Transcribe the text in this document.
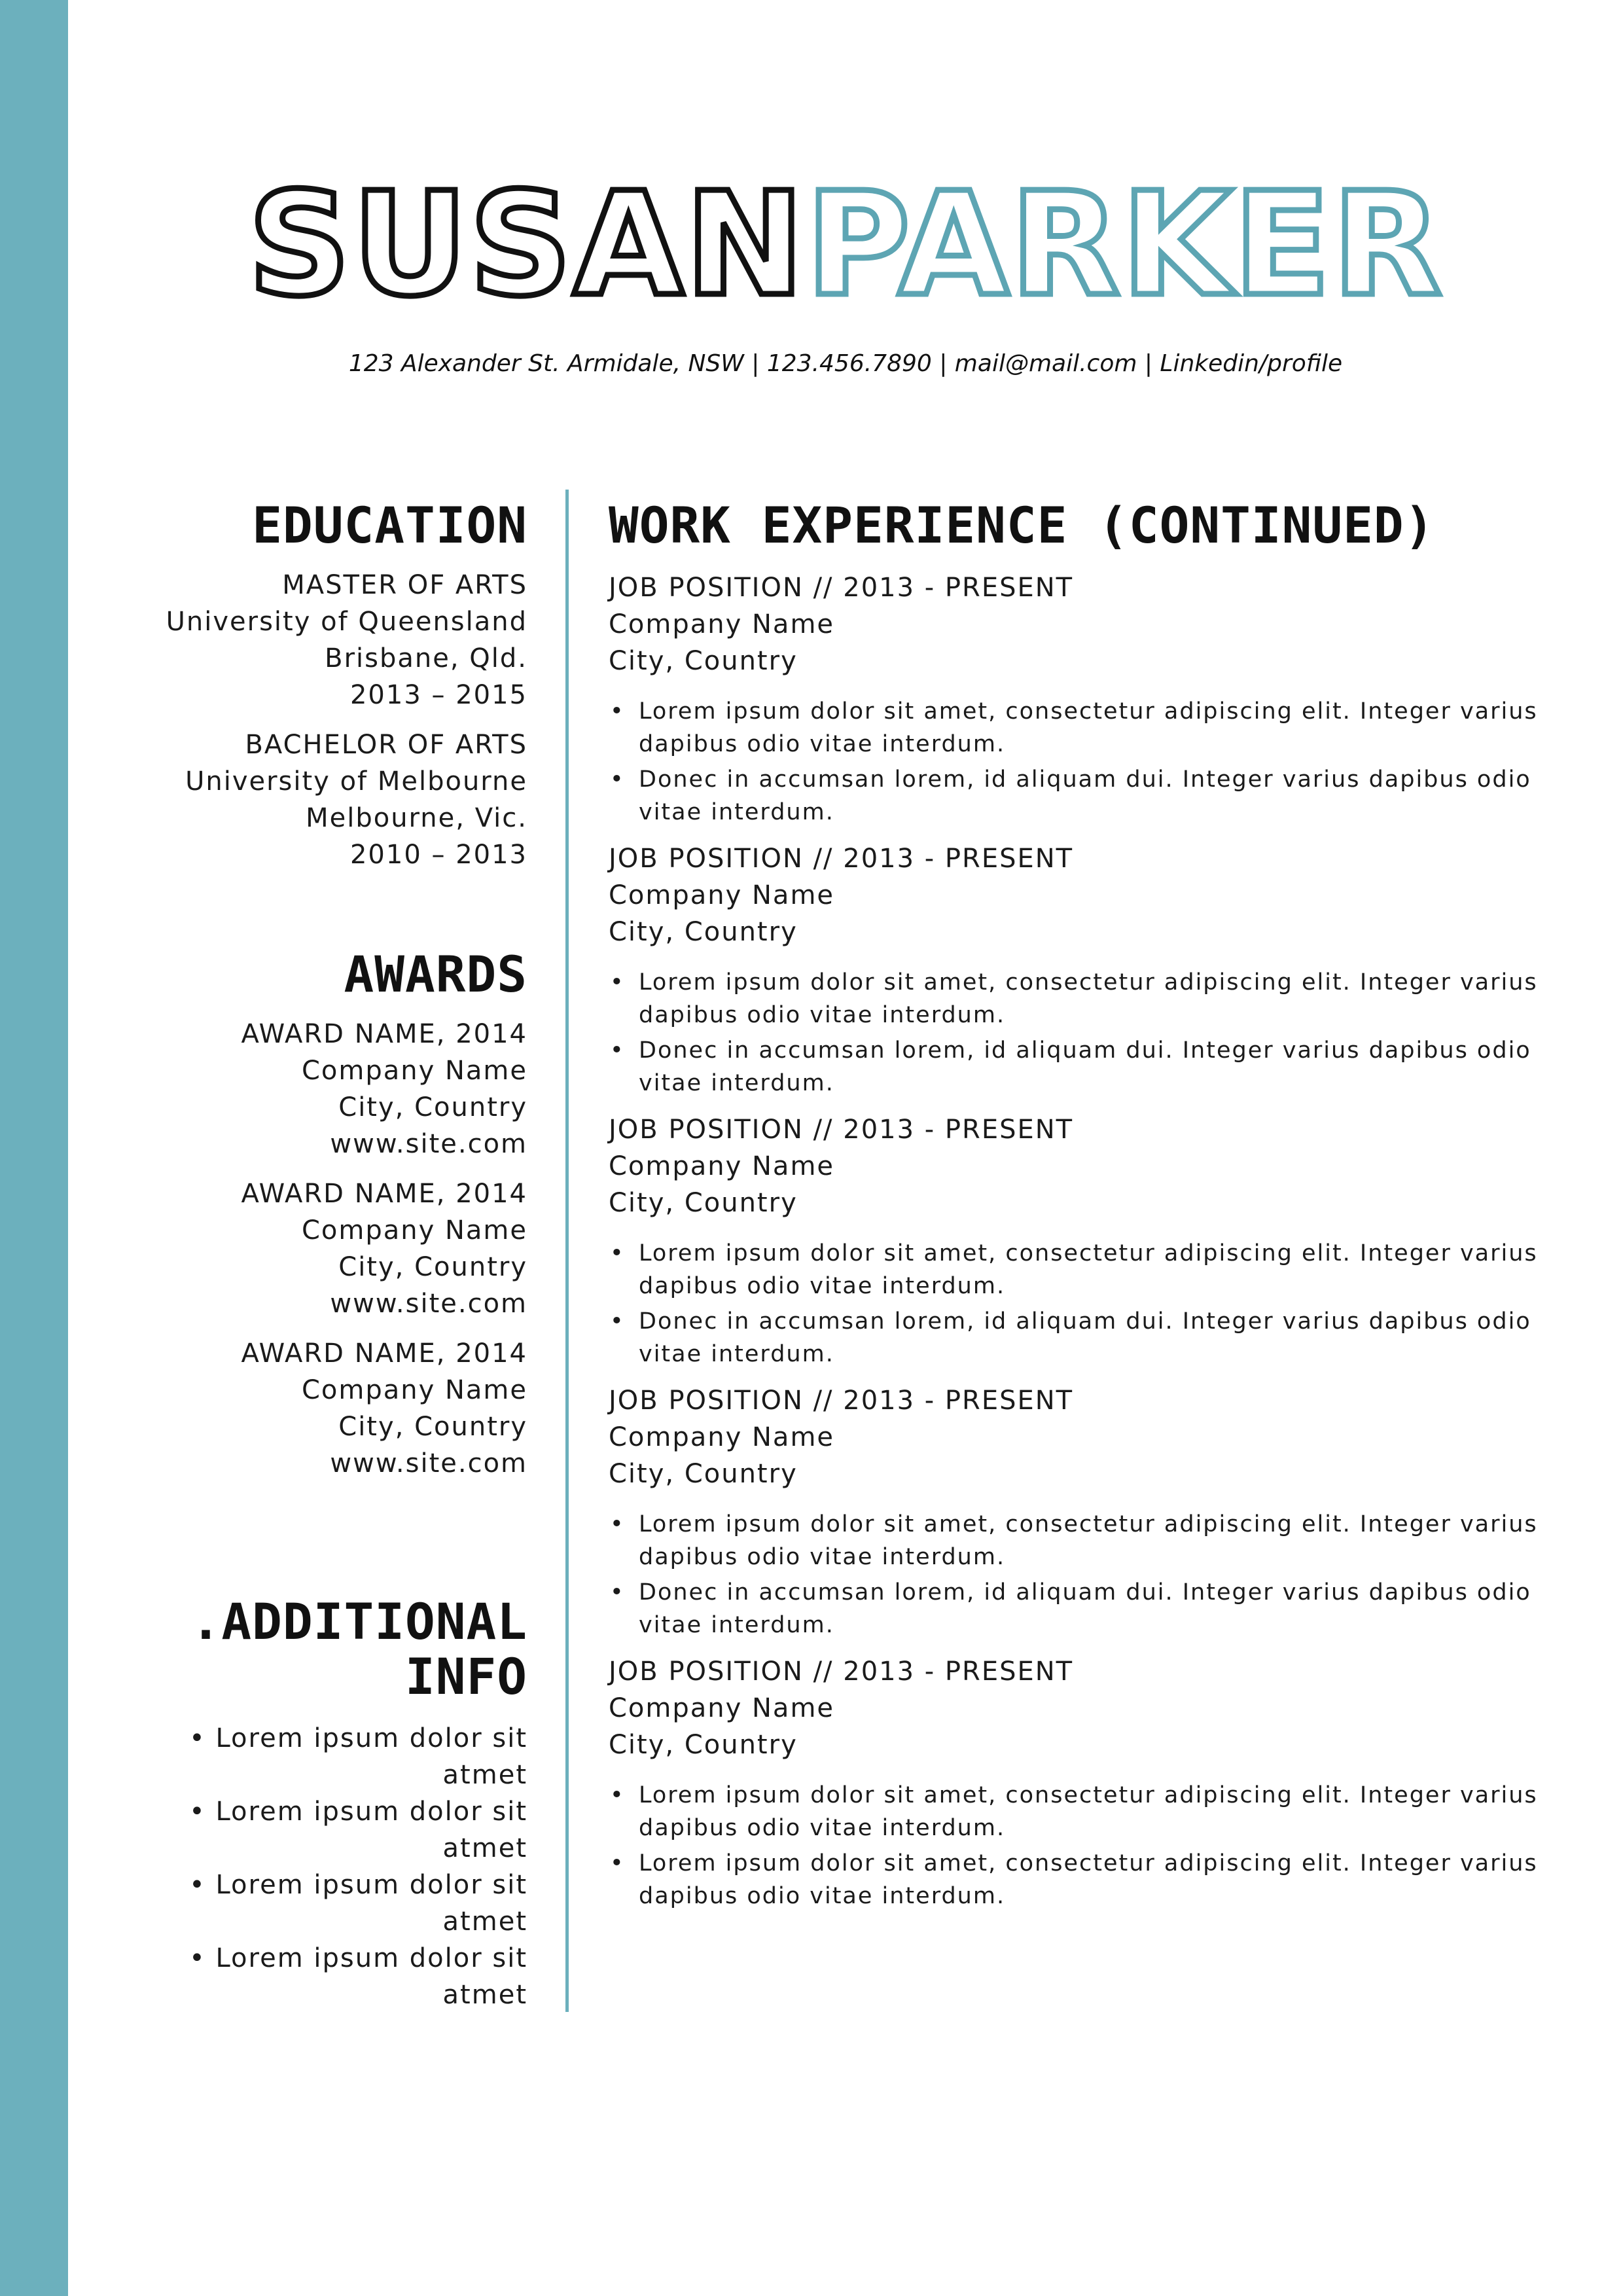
SUSANPARKER
123 Alexander St. Armidale, NSW | 123.456.7890 | mail@mail.com | Linkedin/profile
EDUCATION
MASTER OF ARTS
University of Queensland
Brisbane, Qld.
2013 – 2015
BACHELOR OF ARTS
University of Melbourne
Melbourne, Vic.
2010 – 2013
AWARDS
AWARD NAME, 2014
Company Name
City, Country
www.site.com
AWARD NAME, 2014
Company Name
City, Country
www.site.com
AWARD NAME, 2014
Company Name
City, Country
www.site.com
.ADDITIONAL
INFO
• Lorem ipsum dolor sit atmet
• Lorem ipsum dolor sit atmet
• Lorem ipsum dolor sit atmet
• Lorem ipsum dolor sit atmet
WORK EXPERIENCE (CONTINUED)
JOB POSITION // 2013 - PRESENT
Company Name
City, Country
• Lorem ipsum dolor sit amet, consectetur adipiscing elit. Integer varius dapibus odio vitae interdum.
• Donec in accumsan lorem, id aliquam dui. Integer varius dapibus odio vitae interdum.
JOB POSITION // 2013 - PRESENT
Company Name
City, Country
• Lorem ipsum dolor sit amet, consectetur adipiscing elit. Integer varius dapibus odio vitae interdum.
• Donec in accumsan lorem, id aliquam dui. Integer varius dapibus odio vitae interdum.
JOB POSITION // 2013 - PRESENT
Company Name
City, Country
• Lorem ipsum dolor sit amet, consectetur adipiscing elit. Integer varius dapibus odio vitae interdum.
• Donec in accumsan lorem, id aliquam dui. Integer varius dapibus odio vitae interdum.
JOB POSITION // 2013 - PRESENT
Company Name
City, Country
• Lorem ipsum dolor sit amet, consectetur adipiscing elit. Integer varius dapibus odio vitae interdum.
• Donec in accumsan lorem, id aliquam dui. Integer varius dapibus odio vitae interdum.
JOB POSITION // 2013 - PRESENT
Company Name
City, Country
• Lorem ipsum dolor sit amet, consectetur adipiscing elit. Integer varius dapibus odio vitae interdum.
• Lorem ipsum dolor sit amet, consectetur adipiscing elit. Integer varius dapibus odio vitae interdum.
